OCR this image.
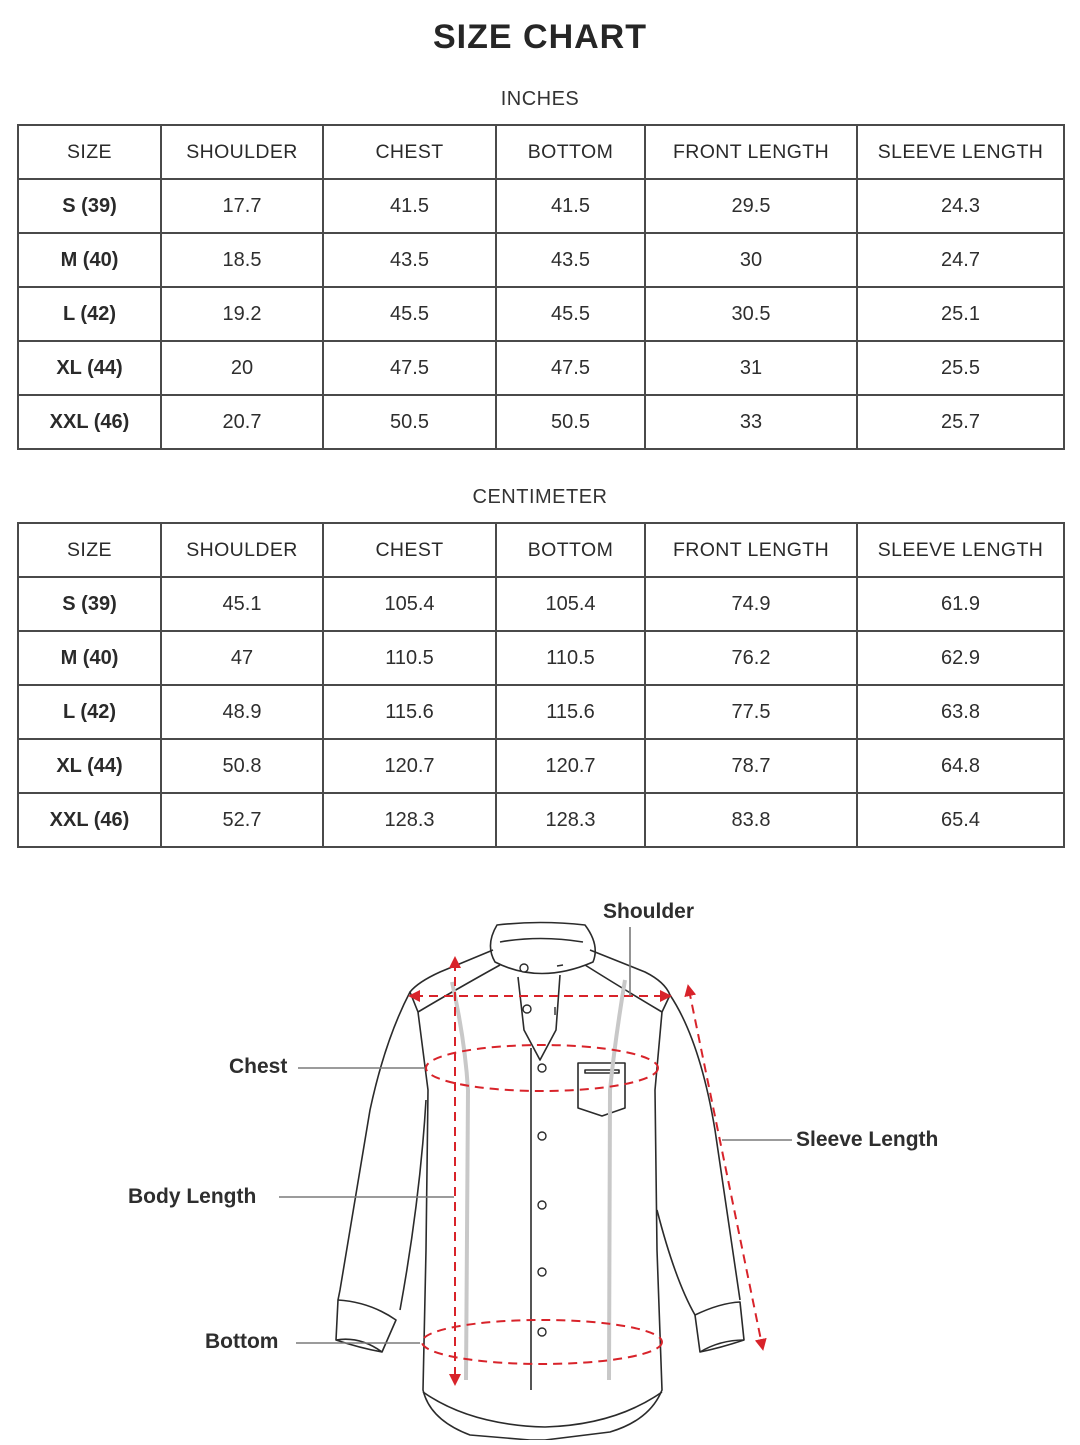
SIZE CHART
INCHES
SIZE	SHOULDER	CHEST	BOTTOM	FRONT LENGTH	SLEEVE LENGTH
S (39)	17.7	41.5	41.5	29.5	24.3
M (40)	18.5	43.5	43.5	30	24.7
L (42)	19.2	45.5	45.5	30.5	25.1
XL (44)	20	47.5	47.5	31	25.5
XXL (46)	20.7	50.5	50.5	33	25.7
CENTIMETER
SIZE	SHOULDER	CHEST	BOTTOM	FRONT LENGTH	SLEEVE LENGTH
S (39)	45.1	105.4	105.4	74.9	61.9
M (40)	47	110.5	110.5	76.2	62.9
L (42)	48.9	115.6	115.6	77.5	63.8
XL (44)	50.8	120.7	120.7	78.7	64.8
XXL (46)	52.7	128.3	128.3	83.8	65.4
Shoulder
Chest
Body Length
Bottom
Sleeve Length
